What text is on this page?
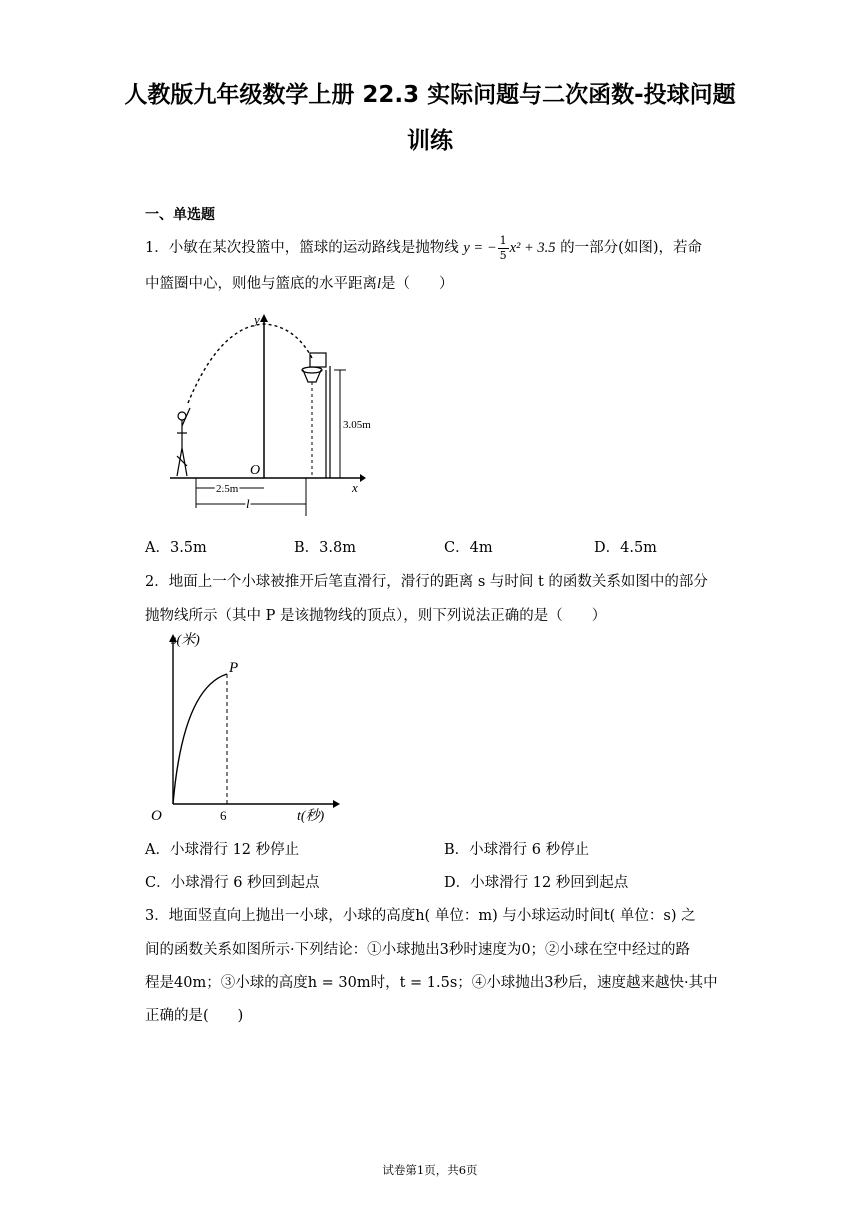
人教版九年级数学上册 22.3 实际问题与二次函数-投球问题
训练
一、单选题
1．小敏在某次投篮中，篮球的运动路线是抛物线 y = − $\frac{1}{5} x^2 + 3.5$ 的一部分(如图)，若命
中篮圈中心，则他与篮底的水平距离l是（　　）
x
y
O
3.05m
2.5m
l
A．3.5m	B．3.8m	C．4m	D．4.5m
2．地面上一个小球被推开后笔直滑行，滑行的距离 s 与时间 t 的函数关系如图中的部分
抛物线所示（其中 P 是该抛物线的顶点），则下列说法正确的是（　　）
t(秒)
s(米)
O
P
6
A．小球滑行 12 秒停止	B．小球滑行 6 秒停止
C．小球滑行 6 秒回到起点	D．小球滑行 12 秒回到起点
3．地面竖直向上抛出一小球，小球的高度h( 单位：m) 与小球运动时间t( 单位：s) 之
间的函数关系如图所示·下列结论：①小球抛出3秒时速度为0；②小球在空中经过的路
程是40m；③小球的高度h = 30m时，t = 1.5s；④小球抛出3秒后，速度越来越快·其中
正确的是(　　)
试卷第1页，共6页
